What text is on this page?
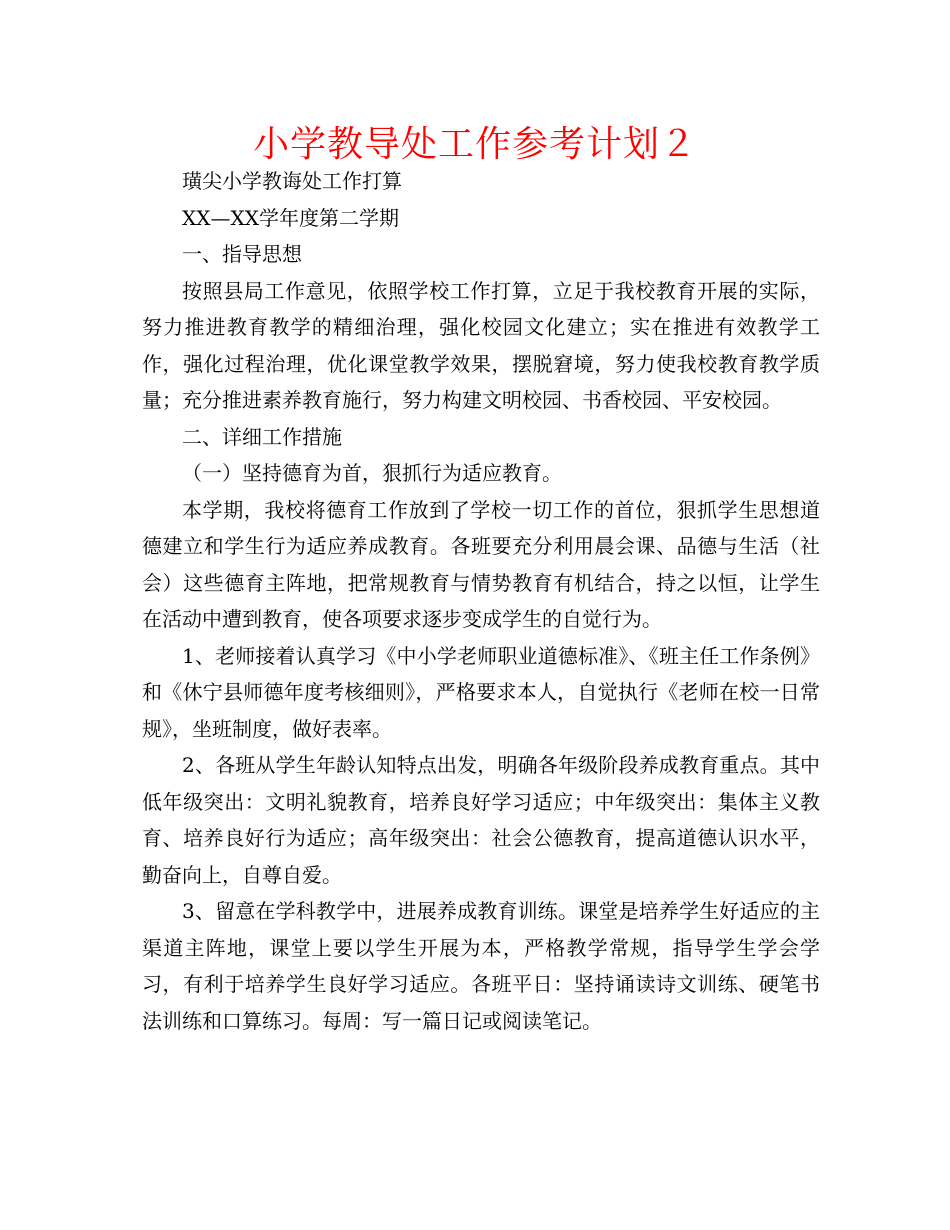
小学教导处工作参考计划２

璜尖小学教诲处工作打算

XX—XX学年度第二学期

一、指导思想

按照县局工作意见，依照学校工作打算，立足于我校教育开展的实际，努力推进教育教学的精细治理，强化校园文化建立；实在推进有效教学工作，强化过程治理，优化课堂教学效果，摆脱窘境，努力使我校教育教学质量；充分推进素养教育施行，努力构建文明校园、书香校园、平安校园。

二、详细工作措施

（一）坚持德育为首，狠抓行为适应教育。

本学期，我校将德育工作放到了学校一切工作的首位，狠抓学生思想道德建立和学生行为适应养成教育。各班要充分利用晨会课、品德与生活（社会）这些德育主阵地，把常规教育与情势教育有机结合，持之以恒，让学生在活动中遭到教育，使各项要求逐步变成学生的自觉行为。

1、老师接着认真学习《中小学老师职业道德标准》、《班主任工作条例》和《休宁县师德年度考核细则》，严格要求本人，自觉执行《老师在校一日常规》，坐班制度，做好表率。

2、各班从学生年龄认知特点出发，明确各年级阶段养成教育重点。其中低年级突出：文明礼貌教育，培养良好学习适应；中年级突出：集体主义教育、培养良好行为适应；高年级突出：社会公德教育，提高道德认识水平，勤奋向上，自尊自爱。

3、留意在学科教学中，进展养成教育训练。课堂是培养学生好适应的主渠道主阵地，课堂上要以学生开展为本，严格教学常规，指导学生学会学习，有利于培养学生良好学习适应。各班平日：坚持诵读诗文训练、硬笔书法训练和口算练习。每周：写一篇日记或阅读笔记。
